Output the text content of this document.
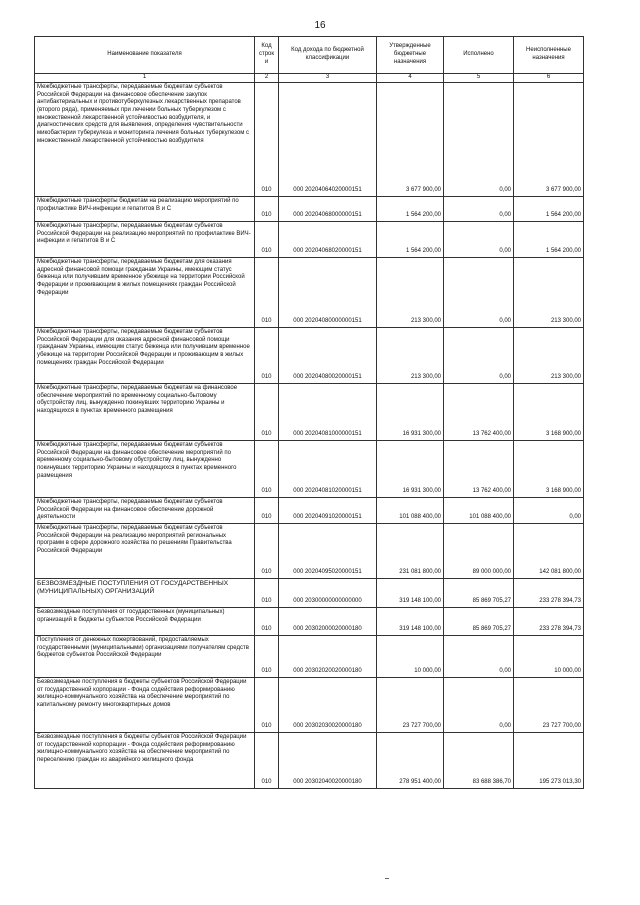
16
Наименование показателя	Код строк и	Код дохода по бюджетной классификации	Утвержденные бюджетные назначения	Исполнено	Неисполненные назначения
1	2	3	4	5	6
Межбюджетные трансферты, передаваемые бюджетам субъектов Российской Федерации на финансовое обеспечение закупок антибактериальных и противотуберкулезных лекарственных препаратов (второго ряда), применяемых при лечении больных туберкулезом с множественной лекарственной устойчивостью возбудителя, и диагностических средств для выявления, определения чувствительности микобактерии туберкулеза и мониторинга лечения больных туберкулезом с множественной лекарственной устойчивостью возбудителя	010	000 20204064020000151	3 677 900,00	0,00	3 677 900,00
Межбюджетные трансферты бюджетам на реализацию мероприятий по профилактике ВИЧ-инфекции и гепатитов В и С	010	000 20204068000000151	1 564 200,00	0,00	1 564 200,00
Межбюджетные трансферты, передаваемые бюджетам субъектов Российской Федерации на реализацию мероприятий по профилактике ВИЧ-инфекции и гепатитов В и С	010	000 20204068020000151	1 564 200,00	0,00	1 564 200,00
Межбюджетные трансферты, передаваемые бюджетам для оказания адресной финансовой помощи гражданам Украины, имеющим статус беженца или получившим временное убежище на территории Российской Федерации и проживающим в жилых помещениях граждан Российской Федерации	010	000 20204080000000151	213 300,00	0,00	213 300,00
Межбюджетные трансферты, передаваемые бюджетам субъектов Российской Федерации для оказания адресной финансовой помощи гражданам Украины, имеющим статус беженца или получившим временное убежище на территории Российской Федерации и проживающим в жилых помещениях граждан Российской Федерации	010	000 20204080020000151	213 300,00	0,00	213 300,00
Межбюджетные трансферты, передаваемые бюджетам на финансовое обеспечение мероприятий по временному социально-бытовому обустройству лиц, вынужденно покинувших территорию Украины и находящихся в пунктах временного размещения	010	000 20204081000000151	16 931 300,00	13 762 400,00	3 168 900,00
Межбюджетные трансферты, передаваемые бюджетам субъектов Российской Федерации на финансовое обеспечение мероприятий по временному социально-бытовому обустройству лиц, вынужденно покинувших территорию Украины и находящихся в пунктах временного размещения	010	000 20204081020000151	16 931 300,00	13 762 400,00	3 168 900,00
Межбюджетные трансферты, передаваемые бюджетам субъектов Российской Федерации на финансовое обеспечение дорожной деятельности	010	000 20204091020000151	101 088 400,00	101 088 400,00	0,00
Межбюджетные трансферты, передаваемые бюджетам субъектов Российской Федерации на реализацию мероприятий региональных программ в сфере дорожного хозяйства по решениям Правительства Российской Федерации	010	000 20204095020000151	231 081 800,00	89 000 000,00	142 081 800,00
БЕЗВОЗМЕЗДНЫЕ ПОСТУПЛЕНИЯ ОТ ГОСУДАРСТВЕННЫХ (МУНИЦИПАЛЬНЫХ) ОРГАНИЗАЦИЙ	010	000 20300000000000000	319 148 100,00	85 869 705,27	233 278 394,73
Безвозмездные поступления от государственных (муниципальных) организаций в бюджеты субъектов Российской Федерации	010	000 20302000020000180	319 148 100,00	85 869 705,27	233 278 394,73
Поступления от денежных пожертвований, предоставляемых государственными (муниципальными) организациями получателям средств бюджетов субъектов Российской Федерации	010	000 20302020020000180	10 000,00	0,00	10 000,00
Безвозмездные поступления в бюджеты субъектов Российской Федерации от государственной корпорации - Фонда содействия реформированию жилищно-коммунального хозяйства на обеспечение мероприятий по капитальному ремонту многоквартирных домов	010	000 20302030020000180	23 727 700,00	0,00	23 727 700,00
Безвозмездные поступления в бюджеты субъектов Российской Федерации от государственной корпорации - Фонда содействия реформированию жилищно-коммунального хозяйства на обеспечение мероприятий по переселению граждан из аварийного жилищного фонда	010	000 20302040020000180	278 951 400,00	83 688 386,70	195 273 013,30
